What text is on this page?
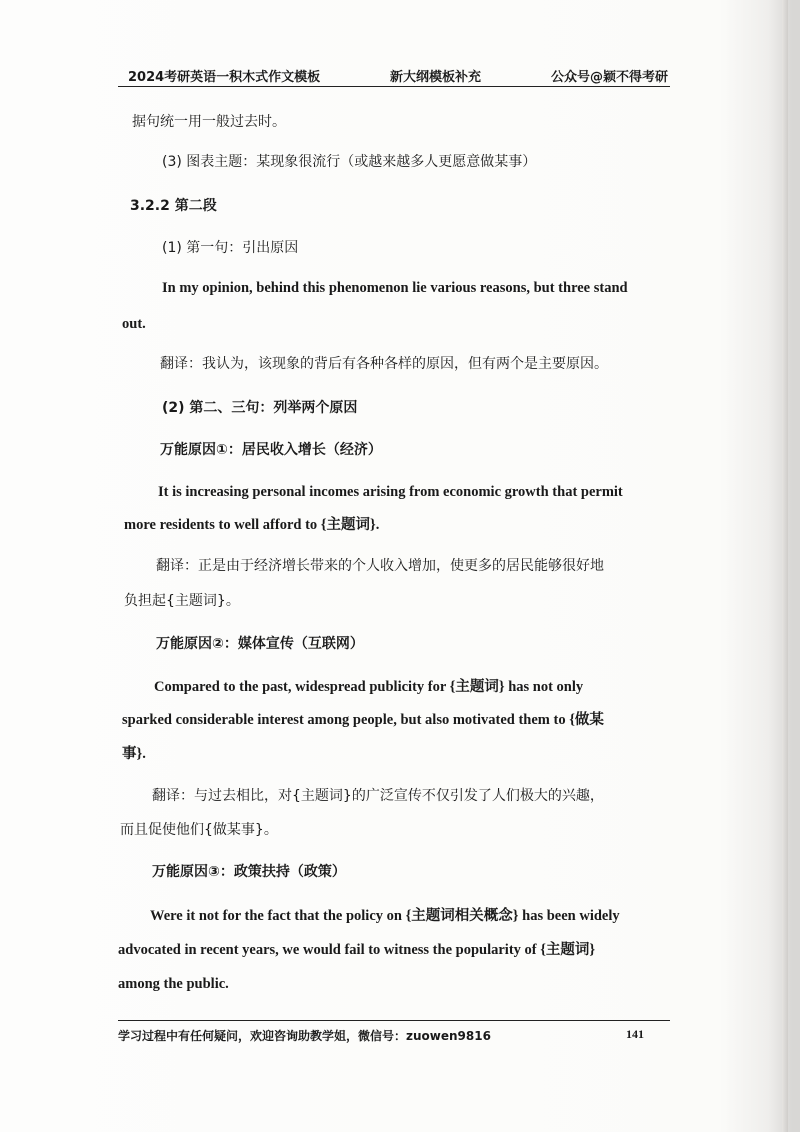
2024考研英语一积木式作文模板	新大纲模板补充	公众号@颖不得考研
据句统一用一般过去时。
(3) 图表主题：某现象很流行（或越来越多人更愿意做某事）
3.2.2 第二段
(1) 第一句：引出原因
In my opinion, behind this phenomenon lie various reasons, but three stand
out.
翻译：我认为，该现象的背后有各种各样的原因，但有两个是主要原因。
(2) 第二、三句：列举两个原因
万能原因①：居民收入增长（经济）
It is increasing personal incomes arising from economic growth that permit
more residents to well afford to {主题词}.
翻译：正是由于经济增长带来的个人收入增加，使更多的居民能够很好地
负担起{主题词}。
万能原因②：媒体宣传（互联网）
Compared to the past, widespread publicity for {主题词} has not only
sparked considerable interest among people, but also motivated them to {做某
事}.
翻译：与过去相比，对{主题词}的广泛宣传不仅引发了人们极大的兴趣，
而且促使他们{做某事}。
万能原因③：政策扶持（政策）
Were it not for the fact that the policy on {主题词相关概念} has been widely
advocated in recent years, we would fail to witness the popularity of {主题词}
among the public.
学习过程中有任何疑问，欢迎咨询助教学姐，微信号：zuowen9816	141
